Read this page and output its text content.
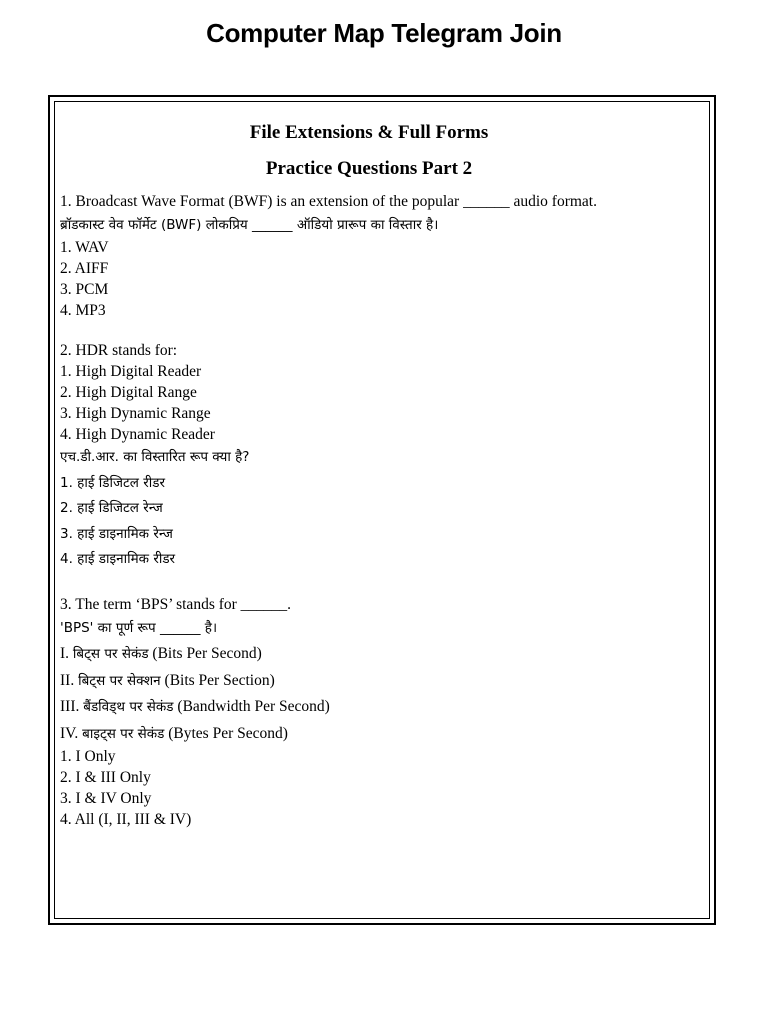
Computer Map Telegram Join
File Extensions & Full Forms
Practice Questions Part 2
1. Broadcast Wave Format (BWF) is an extension of the popular ______ audio format.
ब्रॉडकास्ट वेव फॉर्मेट (BWF) लोकप्रिय ______ ऑडियो प्रारूप का विस्तार है।
1. WAV
2. AIFF
3. PCM
4. MP3
2. HDR stands for:
1. High Digital Reader
2. High Digital Range
3. High Dynamic Range
4. High Dynamic Reader
एच.डी.आर. का विस्तारित रूप क्या है?
1. हाई डिजिटल रीडर
2. हाई डिजिटल रेन्ज
3. हाई डाइनामिक रेन्ज
4. हाई डाइनामिक रीडर
3. The term ‘BPS’ stands for ______.
'BPS' का पूर्ण रूप ______ है।
I. बिट्स पर सेकंड (Bits Per Second)
II. बिट्स पर सेक्शन (Bits Per Section)
III. बैंडविड्थ पर सेकंड (Bandwidth Per Second)
IV. बाइट्स पर सेकंड (Bytes Per Second)
1. I Only
2. I & III Only
3. I & IV Only
4. All (I, II, III & IV)
